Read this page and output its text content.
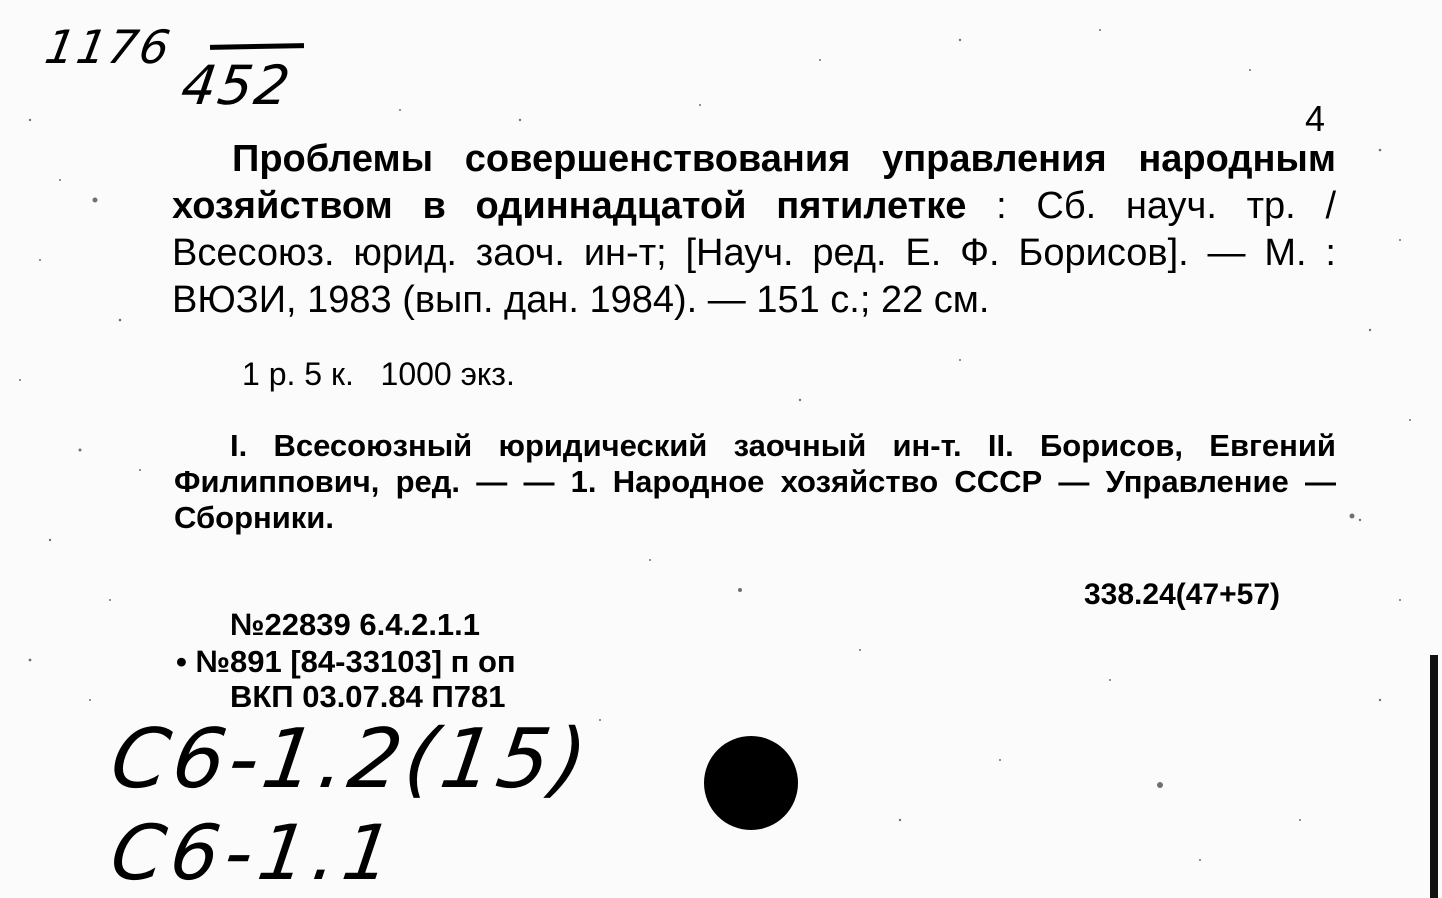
1176
452
4
Проблемы совершенствования управления народным хозяйством в одиннадцатой пятилетке : Сб. науч. тр. / Всесоюз. юрид. заоч. ин-т; [Науч. ред. Е. Ф. Борисов]. — М. : ВЮЗИ, 1983 (вып. дан. 1984). — 151 с.; 22 см.
1 р. 5 к.   1000 экз.
I. Всесоюзный юридический заочный ин-т. II. Борисов, Евгений Филиппович, ред. — — 1. Народное хозяйство СССР — Управление — Сборники.
338.24(47+57)
№22839 6.4.2.1.1
• №891 [84-33103] п оп
ВКП 03.07.84 П781
С6-1.2(15)
С6-1.1
